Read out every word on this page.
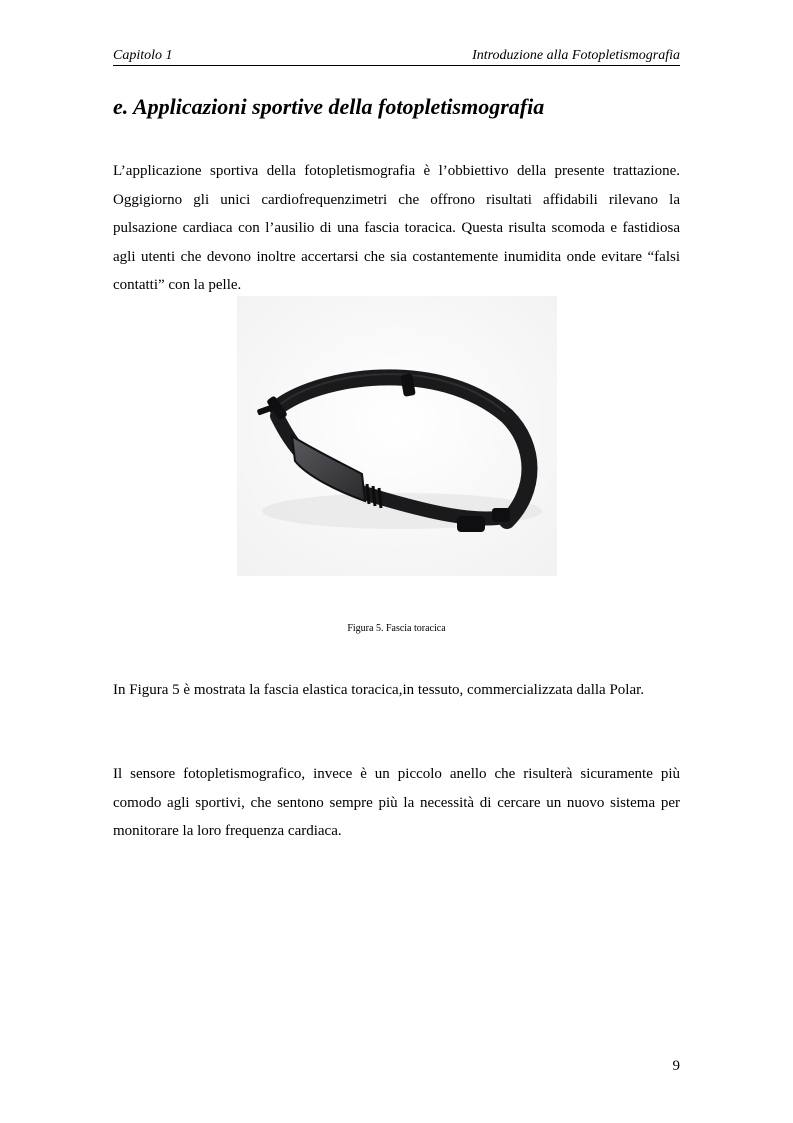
Capitolo 1	Introduzione alla Fotopletismografia
e. Applicazioni sportive della fotopletismografia

L’applicazione sportiva della fotopletismografia è l’obbiettivo della presente trattazione. Oggigiorno gli unici cardiofrequenzimetri che offrono risultati affidabili rilevano la pulsazione cardiaca con l’ausilio di una fascia toracica. Questa risulta scomoda e fastidiosa agli utenti che devono inoltre accertarsi che sia costantemente inumidita onde evitare “falsi contatti” con la pelle.

Figura 5. Fascia toracica

In Figura 5 è mostrata la fascia elastica toracica,in tessuto, commercializzata dalla Polar.

Il sensore fotopletismografico, invece è un piccolo anello che risulterà sicuramente più comodo agli sportivi, che sentono sempre più la necessità di cercare un nuovo sistema per monitorare la loro frequenza cardiaca.

9
